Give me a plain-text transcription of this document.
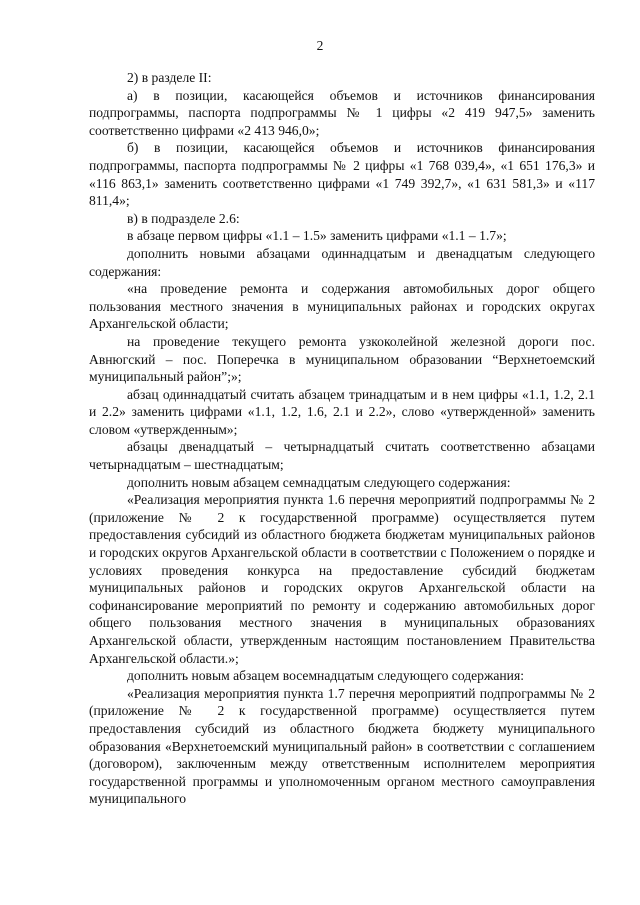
2

2) в разделе II:

а) в позиции, касающейся объемов и источников финансирования подпрограммы, паспорта подпрограммы № 1 цифры «2 419 947,5» заменить соответственно цифрами «2 413 946,0»;

б) в позиции, касающейся объемов и источников финансирования подпрограммы, паспорта подпрограммы № 2 цифры «1 768 039,4», «1 651 176,3» и «116 863,1» заменить соответственно цифрами «1 749 392,7», «1 631 581,3» и «117 811,4»;

в) в подразделе 2.6:

в абзаце первом цифры «1.1 – 1.5» заменить цифрами «1.1 – 1.7»;

дополнить новыми абзацами одиннадцатым и двенадцатым следующего содержания:

«на проведение ремонта и содержания автомобильных дорог общего пользования местного значения в муниципальных районах и городских округах Архангельской области;

на проведение текущего ремонта узкоколейной железной дороги пос. Авнюгский – пос. Поперечка в муниципальном образовании “Верхнетоемский муниципальный район”;»;

абзац одиннадцатый считать абзацем тринадцатым и в нем цифры «1.1, 1.2, 2.1 и 2.2» заменить цифрами «1.1, 1.2, 1.6, 2.1 и 2.2», слово «утвержденной» заменить словом «утвержденным»;

абзацы двенадцатый – четырнадцатый считать соответственно абзацами четырнадцатым – шестнадцатым;

дополнить новым абзацем семнадцатым следующего содержания:

«Реализация мероприятия пункта 1.6 перечня мероприятий подпрограммы № 2 (приложение № 2 к государственной программе) осуществляется путем предоставления субсидий из областного бюджета бюджетам муниципальных районов и городских округов Архангельской области в соответствии с Положением о порядке и условиях проведения конкурса на предоставление субсидий бюджетам муниципальных районов и городских округов Архангельской области на софинансирование мероприятий по ремонту и содержанию автомобильных дорог общего пользования местного значения в муниципальных образованиях Архангельской области, утвержденным настоящим постановлением Правительства Архангельской области.»;

дополнить новым абзацем восемнадцатым следующего содержания:

«Реализация мероприятия пункта 1.7 перечня мероприятий подпрограммы № 2 (приложение № 2 к государственной программе) осуществляется путем предоставления субсидий из областного бюджета бюджету муниципального образования «Верхнетоемский муниципальный район» в соответствии с соглашением (договором), заключенным между ответственным исполнителем мероприятия государственной программы и уполномоченным органом местного самоуправления муниципального
